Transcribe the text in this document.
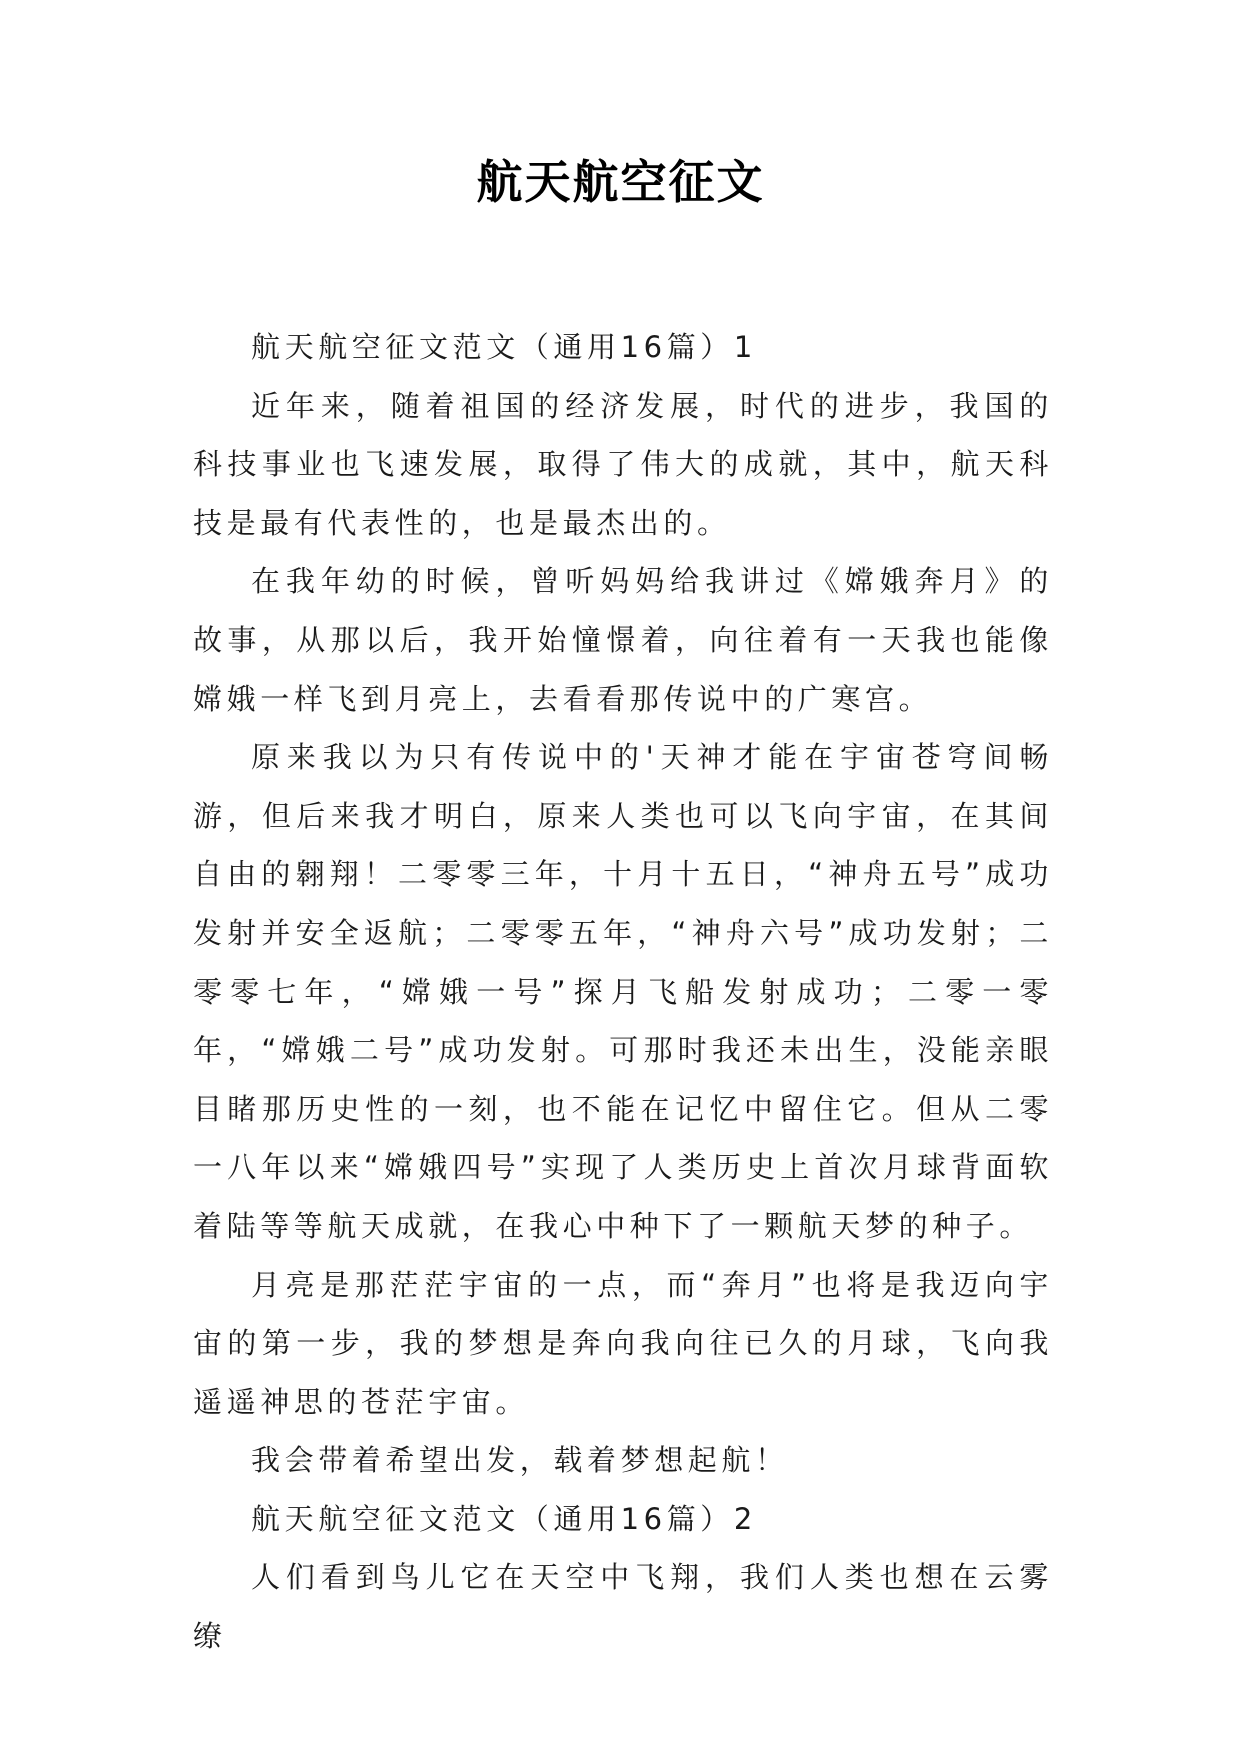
航天航空征文

航天航空征文范文（通用16篇）1

近年来，随着祖国的经济发展，时代的进步，我国的科技事业也飞速发展，取得了伟大的成就，其中，航天科技是最有代表性的，也是最杰出的。

在我年幼的时候，曾听妈妈给我讲过《嫦娥奔月》的故事，从那以后，我开始憧憬着，向往着有一天我也能像嫦娥一样飞到月亮上，去看看那传说中的广寒宫。

原来我以为只有传说中的'天神才能在宇宙苍穹间畅游，但后来我才明白，原来人类也可以飞向宇宙，在其间自由的翱翔！二零零三年，十月十五日，“神舟五号”成功发射并安全返航；二零零五年，“神舟六号”成功发射；二零零七年，“嫦娥一号”探月飞船发射成功；二零一零年，“嫦娥二号”成功发射。可那时我还未出生，没能亲眼目睹那历史性的一刻，也不能在记忆中留住它。但从二零一八年以来“嫦娥四号”实现了人类历史上首次月球背面软着陆等等航天成就，在我心中种下了一颗航天梦的种子。

月亮是那茫茫宇宙的一点，而“奔月”也将是我迈向宇宙的第一步，我的梦想是奔向我向往已久的月球，飞向我遥遥神思的苍茫宇宙。

我会带着希望出发，载着梦想起航！

航天航空征文范文（通用16篇）2

人们看到鸟儿它在天空中飞翔，我们人类也想在云雾缭
